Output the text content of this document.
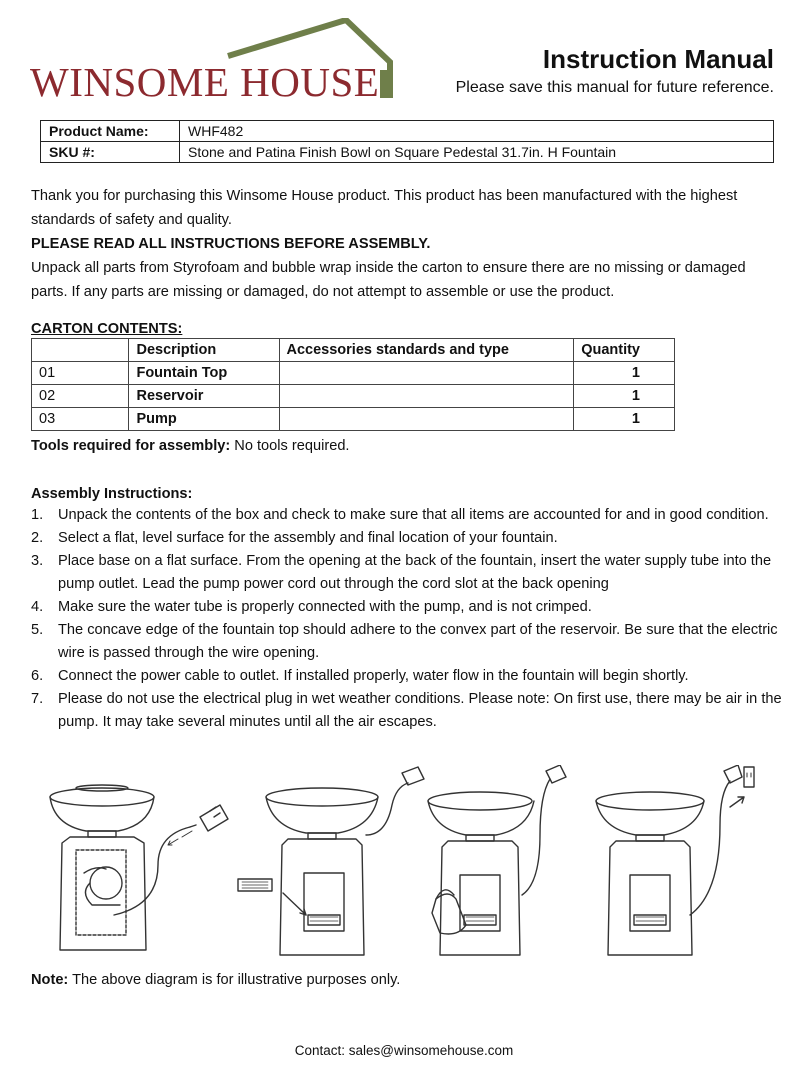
WINSOME HOUSE	Instruction Manual
Please save this manual for future reference.
Product Name:	WHF482
SKU #:	Stone and Patina Finish Bowl on Square Pedestal 31.7in. H Fountain
Thank you for purchasing this Winsome House product. This product has been manufactured with the highest standards of safety and quality.
PLEASE READ ALL INSTRUCTIONS BEFORE ASSEMBLY.
Unpack all parts from Styrofoam and bubble wrap inside the carton to ensure there are no missing or damaged parts. If any parts are missing or damaged, do not attempt to assemble or use the product.
CARTON CONTENTS:
	Description	Accessories standards and type	Quantity
01	Fountain Top		1
02	Reservoir		1
03	Pump		1
Tools required for assembly: No tools required.
Assembly Instructions:
1. Unpack the contents of the box and check to make sure that all items are accounted for and in good condition.
2. Select a flat, level surface for the assembly and final location of your fountain.
3. Place base on a flat surface. From the opening at the back of the fountain, insert the water supply tube into the pump outlet. Lead the pump power cord out through the cord slot at the back opening
4. Make sure the water tube is properly connected with the pump, and is not crimped.
5. The concave edge of the fountain top should adhere to the convex part of the reservoir. Be sure that the electric wire is passed through the wire opening.
6. Connect the power cable to outlet. If installed properly, water flow in the fountain will begin shortly.
7. Please do not use the electrical plug in wet weather conditions. Please note: On first use, there may be air in the pump. It may take several minutes until all the air escapes.
Note: The above diagram is for illustrative purposes only.
Contact: sales@winsomehouse.com
